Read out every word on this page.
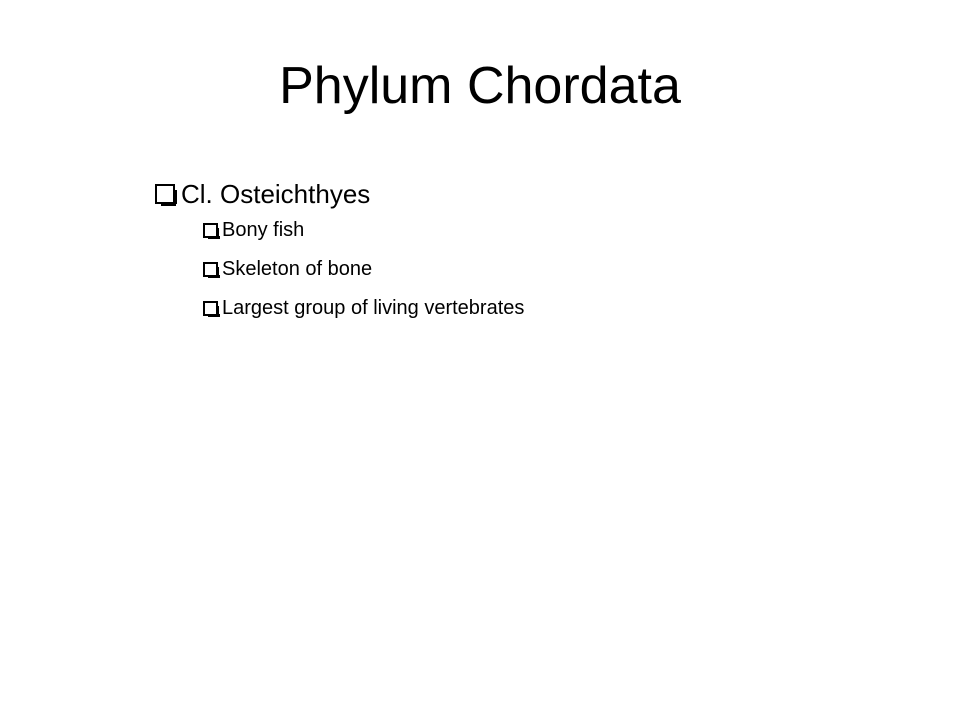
Phylum Chordata
Cl. Osteichthyes
Bony fish
Skeleton of bone
Largest group of living vertebrates
